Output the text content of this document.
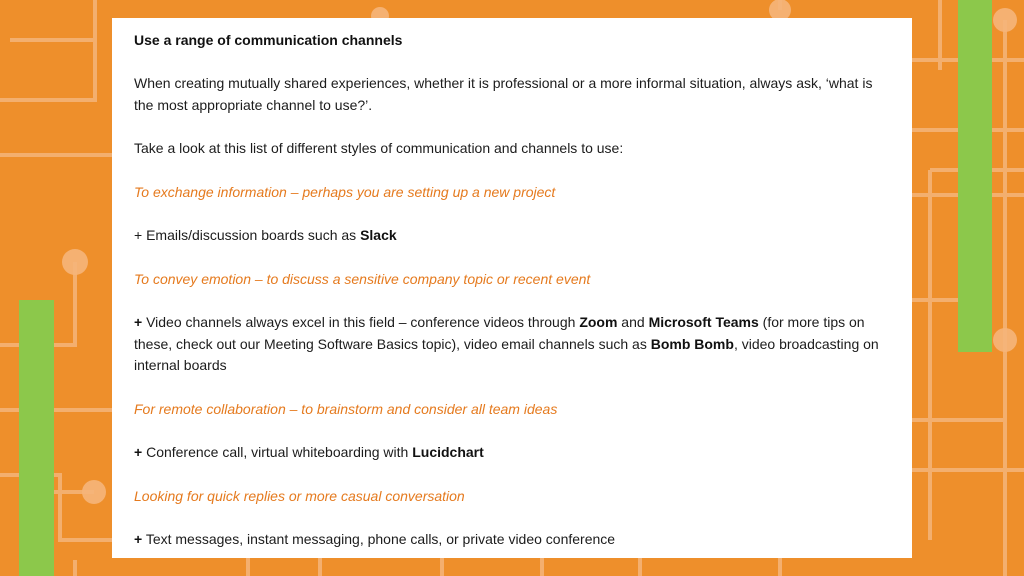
Use a range of communication channels

When creating mutually shared experiences, whether it is professional or a more informal situation, always ask, ‘what is the most appropriate channel to use?’.

Take a look at this list of different styles of communication and channels to use:

To exchange information – perhaps you are setting up a new project

+ Emails/discussion boards such as Slack

To convey emotion – to discuss a sensitive company topic or recent event

+ Video channels always excel in this field – conference videos through Zoom and Microsoft Teams (for more tips on these, check out our Meeting Software Basics topic), video email channels such as Bomb Bomb, video broadcasting on internal boards

For remote collaboration – to brainstorm and consider all team ideas

+ Conference call, virtual whiteboarding with Lucidchart

Looking for quick replies or more casual conversation

+ Text messages, instant messaging, phone calls, or private video conference
